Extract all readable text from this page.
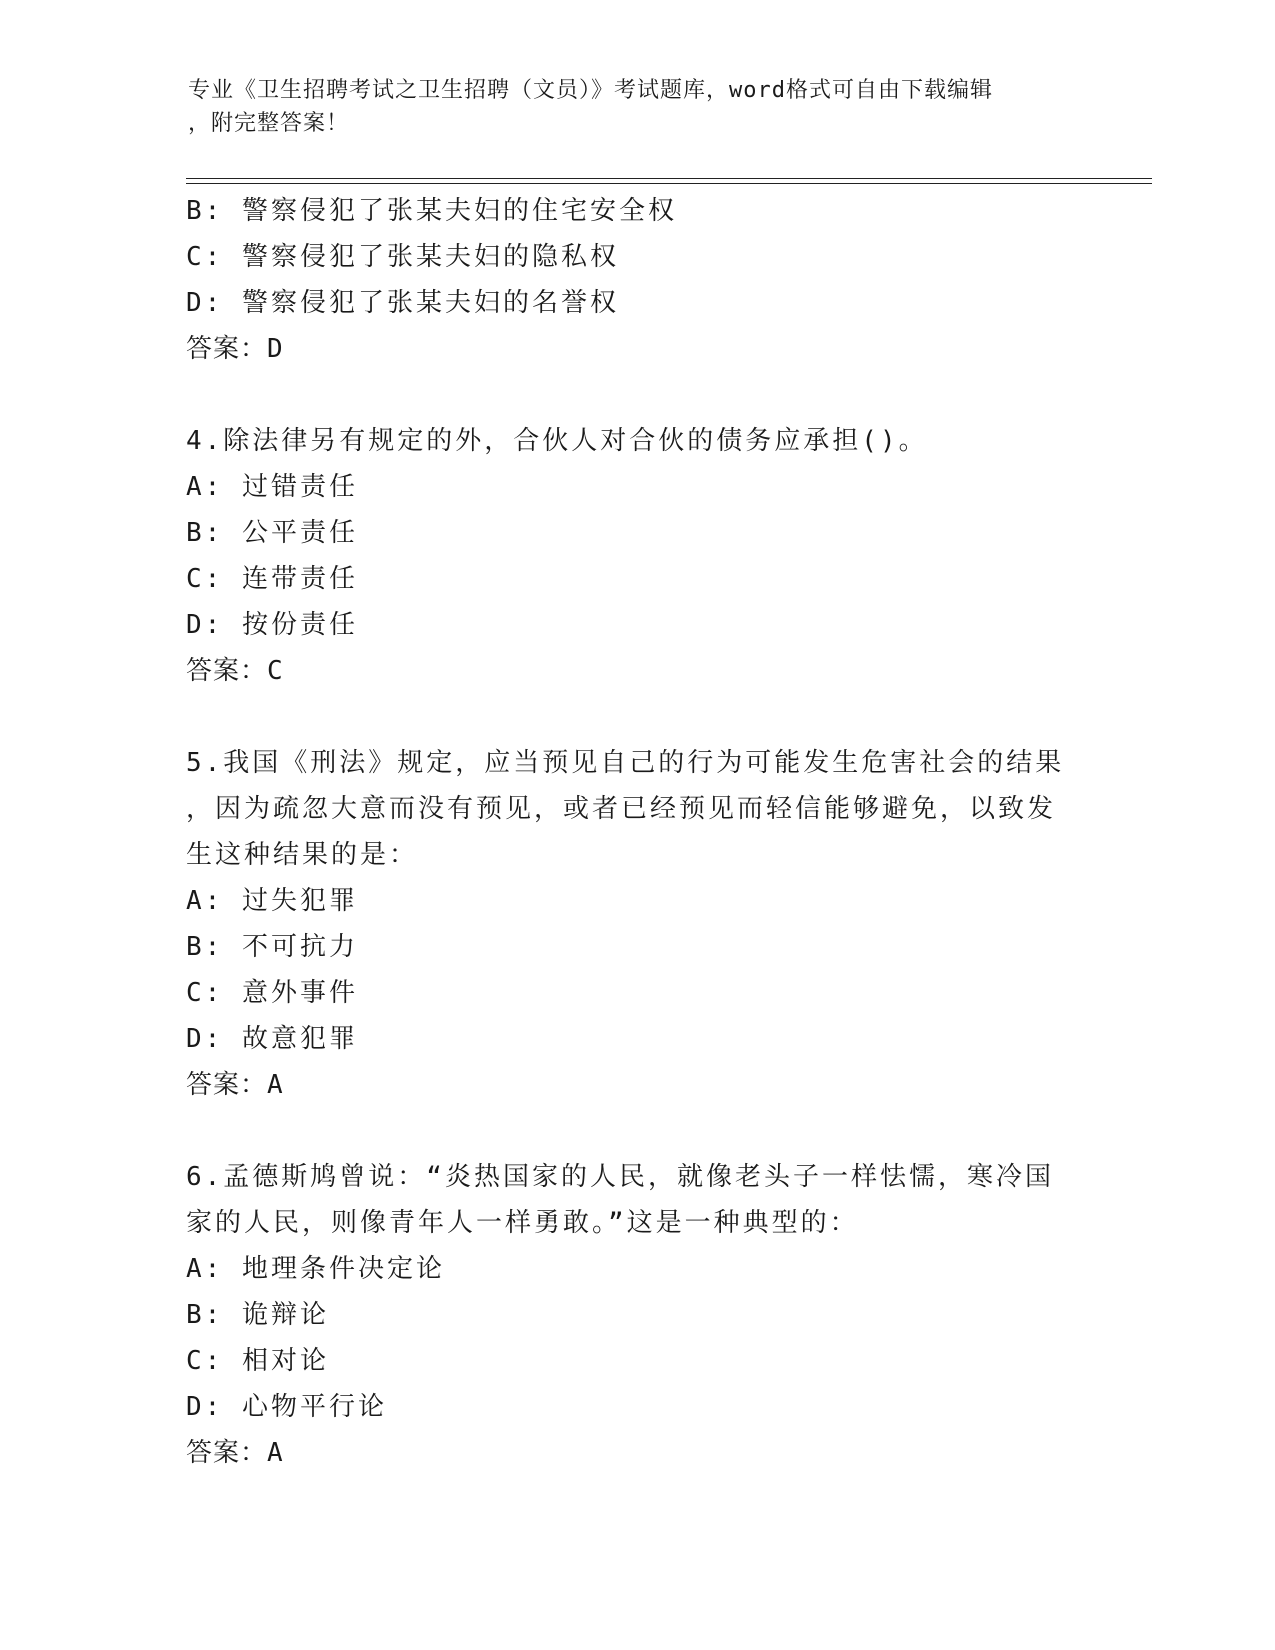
专业《卫生招聘考试之卫生招聘（文员）》考试题库，word格式可自由下载编辑
，附完整答案！
B: 警察侵犯了张某夫妇的住宅安全权
C: 警察侵犯了张某夫妇的隐私权
D: 警察侵犯了张某夫妇的名誉权
答案：D
4.除法律另有规定的外，合伙人对合伙的债务应承担()。
A: 过错责任
B: 公平责任
C: 连带责任
D: 按份责任
答案：C
5.我国《刑法》规定，应当预见自己的行为可能发生危害社会的结果
，因为疏忽大意而没有预见，或者已经预见而轻信能够避免，以致发
生这种结果的是：
A: 过失犯罪
B: 不可抗力
C: 意外事件
D: 故意犯罪
答案：A
6.孟德斯鸠曾说：“炎热国家的人民，就像老头子一样怯懦，寒冷国
家的人民，则像青年人一样勇敢。”这是一种典型的：
A: 地理条件决定论
B: 诡辩论
C: 相对论
D: 心物平行论
答案：A
